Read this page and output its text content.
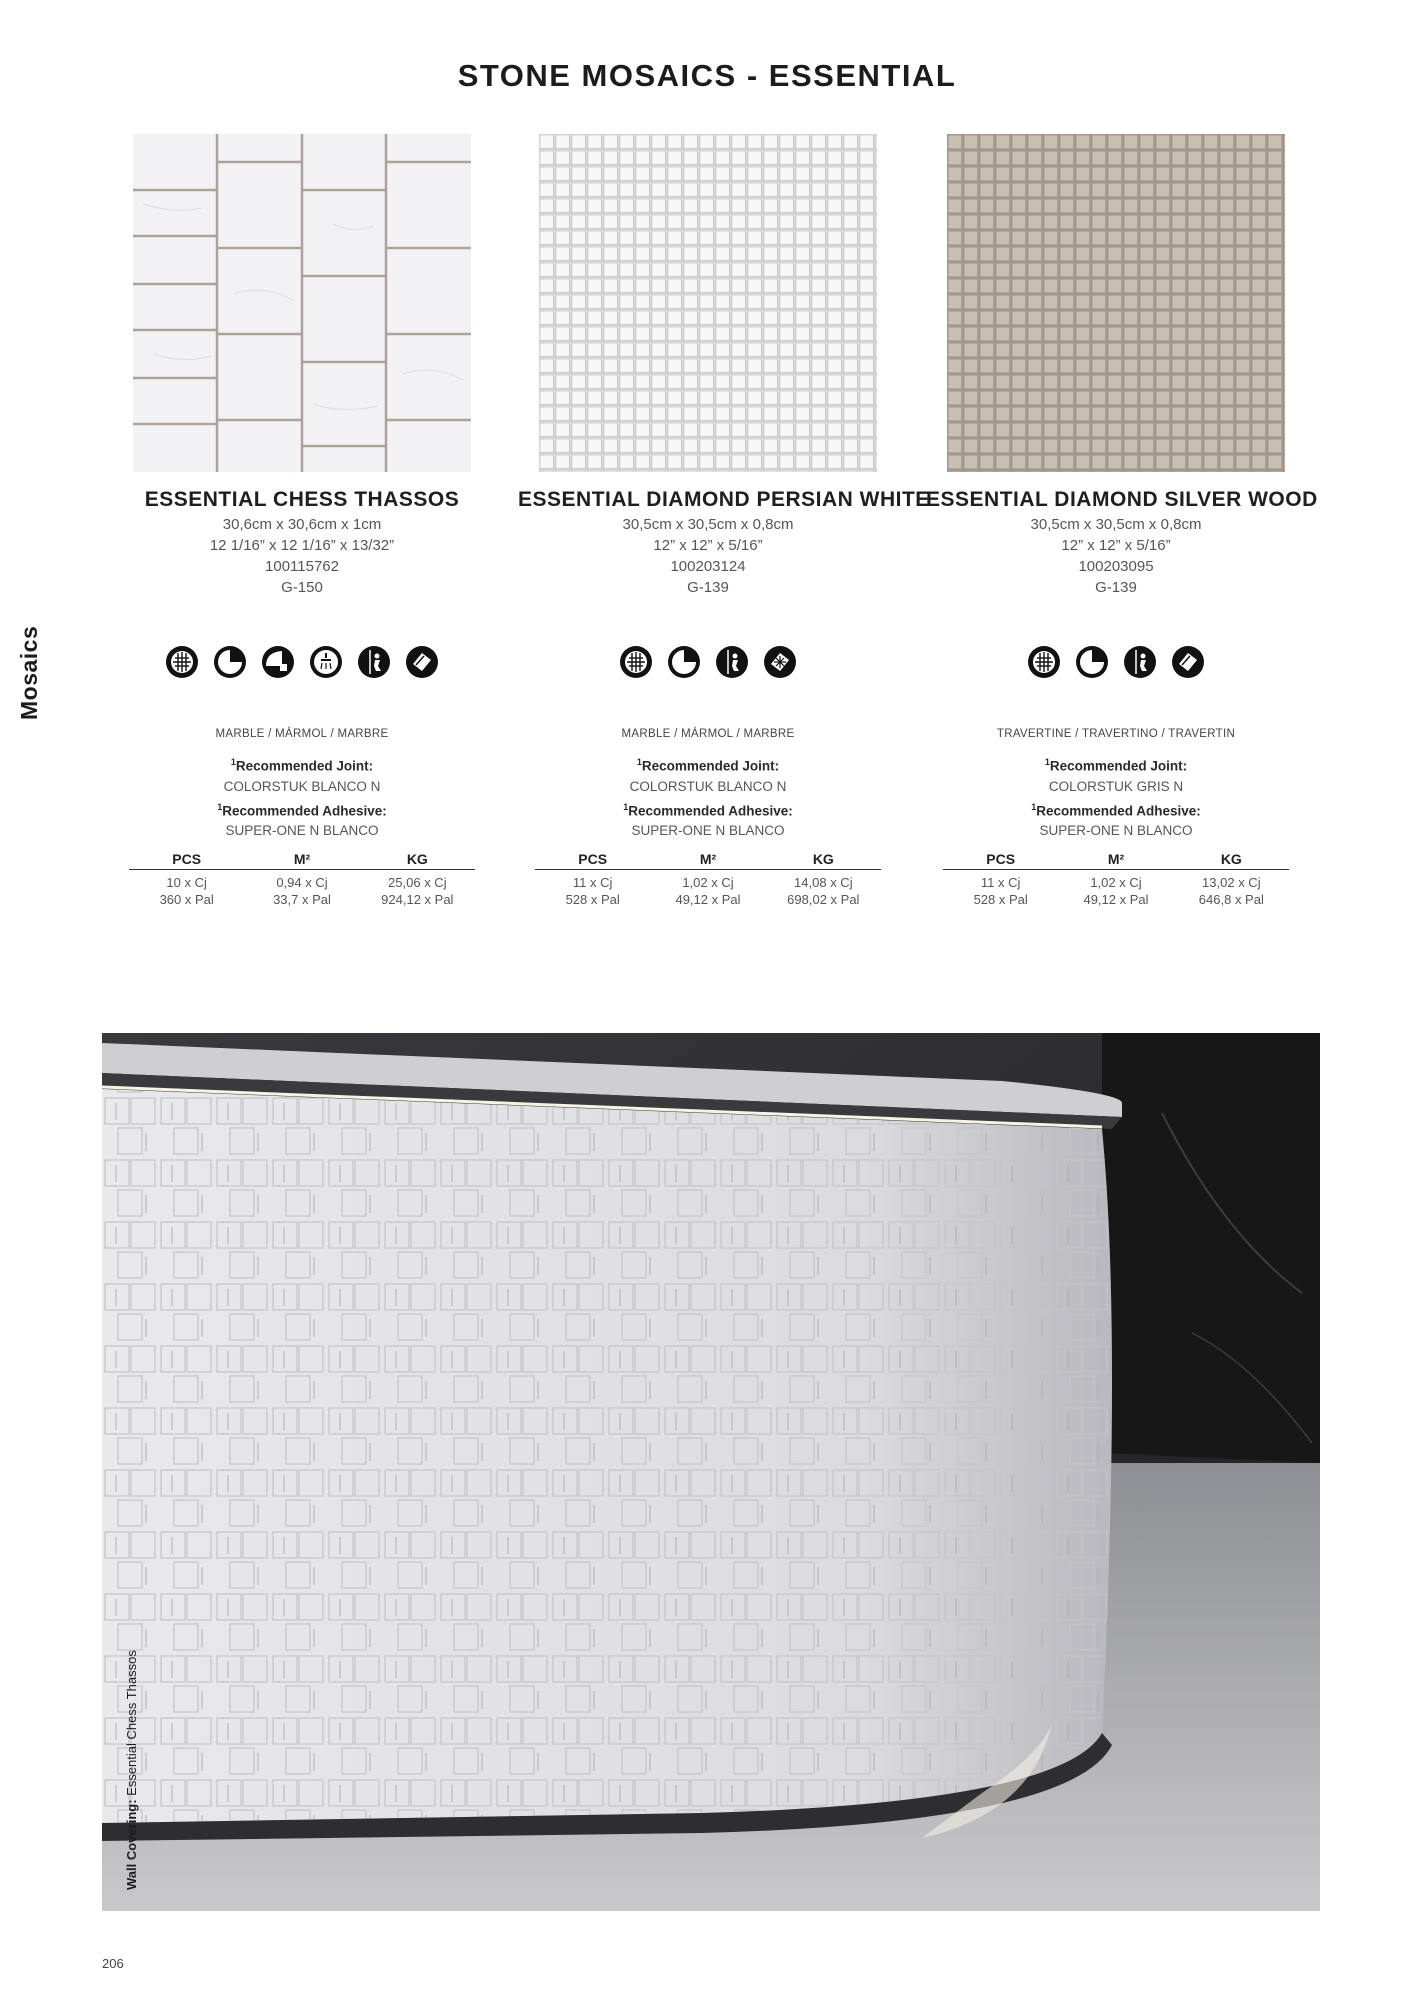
STONE MOSAICS - ESSENTIAL
Mosaics
ESSENTIAL CHESS THASSOS
30,6cm x 30,6cm x 1cm
12 1/16” x 12 1/16” x 13/32”
100115762
G-150
MARBLE / MÁRMOL / MARBRE
$^1$Recommended Joint:
COLORSTUK BLANCO N
$^1$Recommended Adhesive:
SUPER-ONE N BLANCO
PCS	M²	KG
10 x Cj	0,94 x Cj	25,06 x Cj
360 x Pal	33,7 x Pal	924,12 x Pal
ESSENTIAL DIAMOND PERSIAN WHITE
30,5cm x 30,5cm x 0,8cm
12” x 12” x 5/16”
100203124
G-139
MARBLE / MÁRMOL / MARBRE
$^1$Recommended Joint:
COLORSTUK BLANCO N
$^1$Recommended Adhesive:
SUPER-ONE N BLANCO
PCS	M²	KG
11 x Cj	1,02 x Cj	14,08 x Cj
528 x Pal	49,12 x Pal	698,02 x Pal
ESSENTIAL DIAMOND SILVER WOOD
30,5cm x 30,5cm x 0,8cm
12” x 12” x 5/16”
100203095
G-139
TRAVERTINE / TRAVERTINO / TRAVERTIN
$^1$Recommended Joint:
COLORSTUK GRIS N
$^1$Recommended Adhesive:
SUPER-ONE N BLANCO
PCS	M²	KG
11 x Cj	1,02 x Cj	13,02 x Cj
528 x Pal	49,12 x Pal	646,8 x Pal
Wall Covering: Essential Chess Thassos
206
